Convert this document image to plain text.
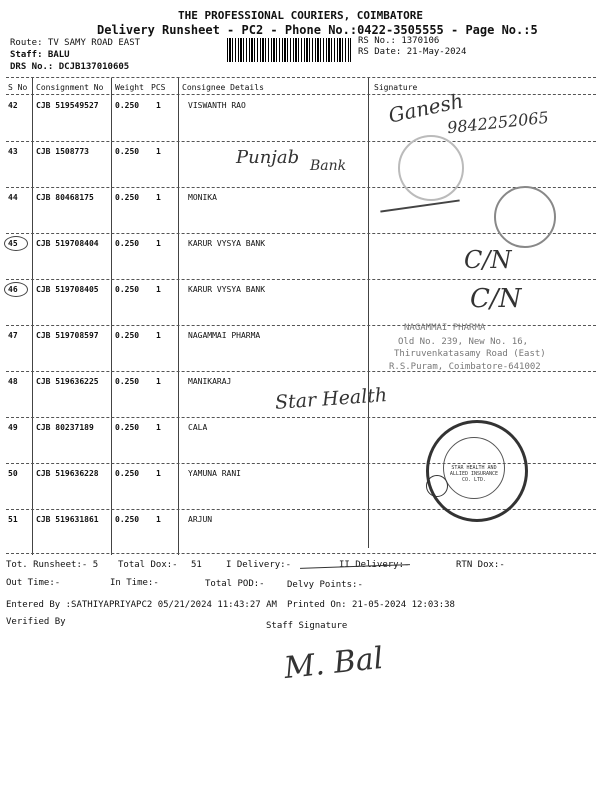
THE PROFESSIONAL COURIERS, COIMBATORE
Delivery Runsheet - PC2 - Phone No.:0422-3505555 - Page No.:5
Route: TV SAMY ROAD EAST
Staff: BALU
DRS No.: DCJB137010605
RS No.: 1370106
RS Date: 21-May-2024
S No Consignment No Weight PCS Consignee Details	Signature
42 CJB 519549527 0.250 1	VISWANTH RAO
43 CJB 1508773	0.250 1
44 CJB 80468175	0.250 1	MONIKA
45 CJB 519708404 0.250 1	KARUR VYSYA BANK
46 CJB 519708405 0.250 1	KARUR VYSYA BANK
47 CJB 519708597 0.250 1	NAGAMMAI PHARMA
48 CJB 519636225 0.250 1	MANIKARAJ
49 CJB 80237189	0.250 1	CALA
50 CJB 519636228 0.250 1	YAMUNA RANI
51 CJB 519631861 0.250 1	ARJUN
Ganesh
9842252065
Punjab Bank
C/N
C/N
NAGAMMAI PHARMA
Old No. 239, New No. 16,
Thiruvenkatasamy Road (East)
R.S.Puram, Coimbatore-641002
Star Health
STAR HEALTH AND ALLIED INSURANCE CO. LTD.
Tot. Runsheet:- 5 Total Dox:- 51	I Delivery:-	II Delivery:-	RTN Dox:-
Out Time:-	In Time:-	Total POD:- Delvy Points:-
Entered By :SATHIYAPRIYAPC2 05/21/2024 11:43:27 AM Printed On: 21-05-2024 12:03:38
Verified By	Staff Signature
M. Bal
